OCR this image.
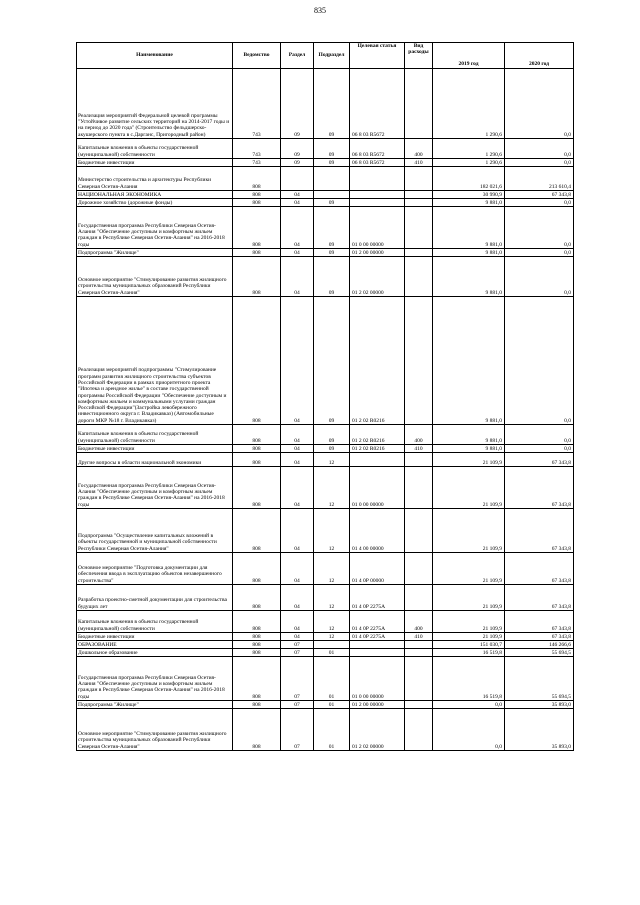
835
Наименование	Ведомство	Раздел	Подраздел	Целевая статья	Вид расходы	2019 год	2020 год
Реализация мероприятий Федеральной целевой программы "Устойчивое развитие сельских территорий на 2014-2017 годы и на период до 2020 года" (Строительство фельдшерско-акушерского пункта в с.Дарганс, Пригородный район)	743	09	09	06 8 03 R5672		1 290,6	0,0
Капитальные вложения в объекты государственной (муниципальной) собственности	743	09	09	06 8 03 R5672	400	1 290,6	0,0
Бюджетные инвестиции	743	09	09	06 8 03 R5672	410	1 290,6	0,0
Министерство строительства и архитектуры Республики Северная Осетия-Алания	808					182 021,6	213 610,4
НАЦИОНАЛЬНАЯ ЭКОНОМИКА	808	04				30 990,9	67 343,8
Дорожное хозяйство (дорожные фонды)	808	04	09			9 881,0	0,0
Государственная программа Республики Северная Осетия-Алания "Обеспечение доступным и комфортным жильем граждан в Республике Северная Осетия-Алания" на 2016-2018 годы	808	04	09	01 0 00 00000		9 881,0	0,0
Подпрограмма "Жилище"	808	04	09	01 2 00 00000		9 881,0	0,0
Основное мероприятие "Стимулирование развития жилищного строительства муниципальных образований Республики Северная Осетия-Алания"	808	04	09	01 2 02 00000		9 881,0	0,0
Реализация мероприятий подпрограммы "Стимулирование программ развития жилищного строительства субъектов Российской Федерации в рамках приоритетного проекта "Ипотека и арендное жилье" в составе государственной программы Российской Федерации "Обеспечение доступным и комфортным жильем и коммунальными услугами граждан Российской Федерации"(Застройка левобережного инвестиционного округа г. Владикавказ) (Автомобильные дороги МКР №18 г. Владикавказ)	808	04	09	01 2 02 R0216		9 881,0	0,0
Капитальные вложения в объекты государственной (муниципальной) собственности	808	04	09	01 2 02 R0216	400	9 881,0	0,0
Бюджетные инвестиции	808	04	09	01 2 02 R0216	410	9 881,0	0,0
Другие вопросы в области национальной экономики	808	04	12			21 109,9	67 343,8
Государственная программа Республики Северная Осетия-Алания "Обеспечение доступным и комфортным жильем граждан в Республике Северная Осетия-Алания" на 2016-2018 годы	808	04	12	01 0 00 00000		21 109,9	67 343,8
Подпрограмма "Осуществление капитальных вложений в объекты государственной и муниципальной собственности Республики Северная Осетия-Алания"	808	04	12	01 4 00 00000		21 109,9	67 343,8
Основное мероприятие "Подготовка документации для обеспечения ввода в эксплуатацию объектов незавершенного строительства"	808	04	12	01 4 0Р 00000		21 109,9	67 343,8
Разработка проектно-сметной документации для строительства будущих лет	808	04	12	01 4 0Р 2275А		21 109,9	67 343,8
Капитальные вложения в объекты государственной (муниципальной) собственности	808	04	12	01 4 0Р 2275А	400	21 109,9	67 343,8
Бюджетные инвестиции	808	04	12	01 4 0Р 2275А	410	21 109,9	67 343,8
ОБРАЗОВАНИЕ	808	07				151 030,7	146 266,6
Дошкольное образование	808	07	01			16 519,8	55 694,5
Государственная программа Республики Северная Осетия-Алания "Обеспечение доступным и комфортным жильем граждан в Республике Северная Осетия-Алания" на 2016-2018 годы	808	07	01	01 0 00 00000		16 519,8	55 694,5
Подпрограмма "Жилище"	808	07	01	01 2 00 00000		0,0	35 893,0
Основное мероприятие "Стимулирование развития жилищного строительства муниципальных образований Республики Северная Осетия-Алания"	808	07	01	01 2 02 00000		0,0	35 893,0
